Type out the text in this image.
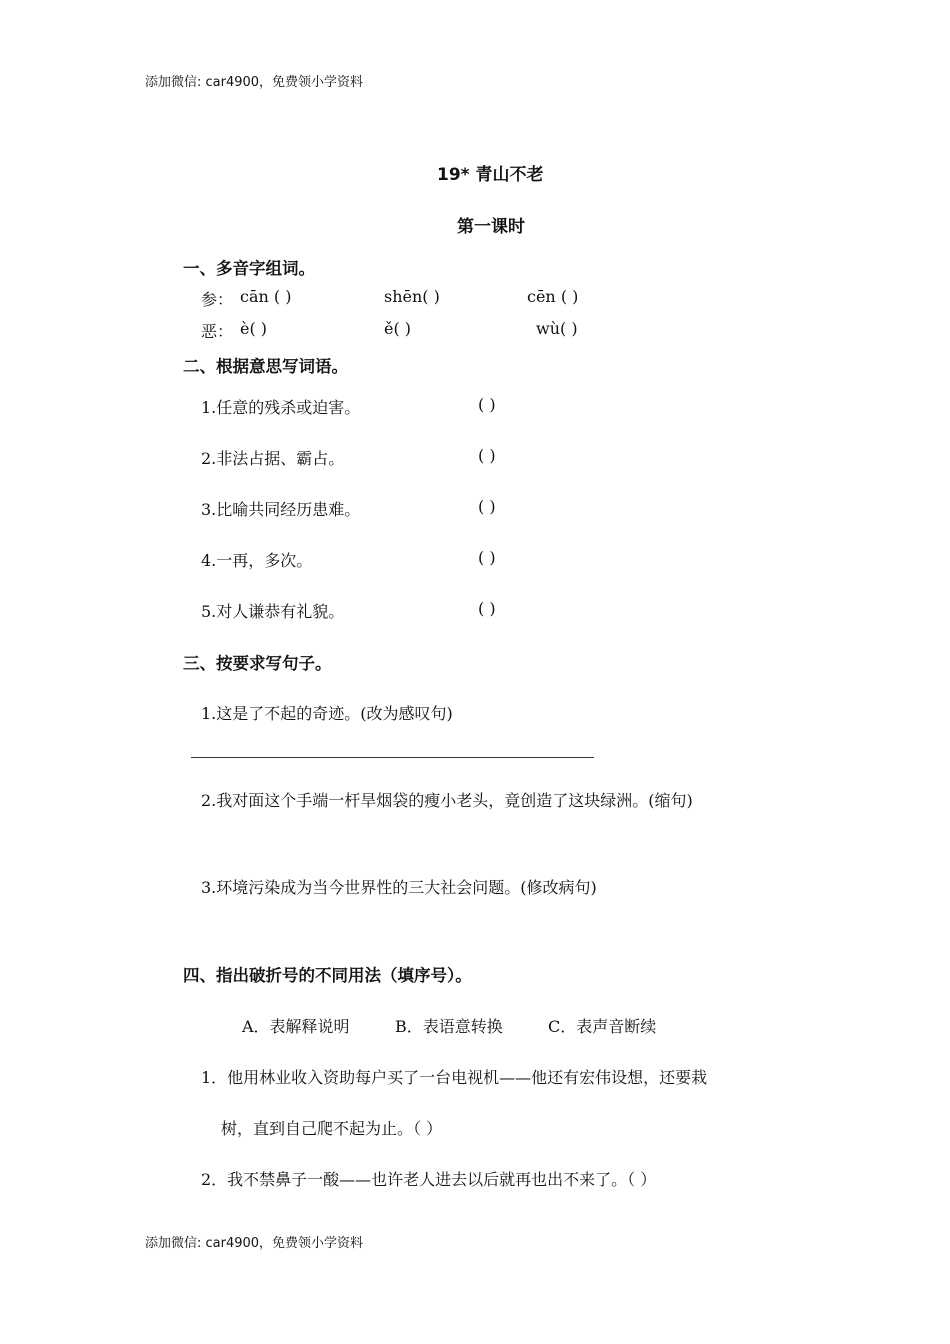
添加微信: car4900，免费领小学资料
19* 青山不老
第一课时
一、多音字组词。
参： cān ( )	shēn( )	cēn ( )
恶： è( )	ě( )	wù( )
二、根据意思写词语。
1.任意的残杀或迫害。	( )
2.非法占据、霸占。	( )
3.比喻共同经历患难。	( )
4.一再，多次。	( )
5.对人谦恭有礼貌。	( )
三、按要求写句子。
1.这是了不起的奇迹。(改为感叹句)
2.我对面这个手端一杆旱烟袋的瘦小老头，竟创造了这块绿洲。(缩句)
3.环境污染成为当今世界性的三大社会问题。(修改病句)
四、指出破折号的不同用法（填序号）。
A．表解释说明	B．表语意转换	C．表声音断续
1．他用林业收入资助每户买了一台电视机——他还有宏伟设想，还要栽
树，直到自己爬不起为止。（ ）
2．我不禁鼻子一酸——也许老人进去以后就再也出不来了。（ ）
添加微信: car4900，免费领小学资料
